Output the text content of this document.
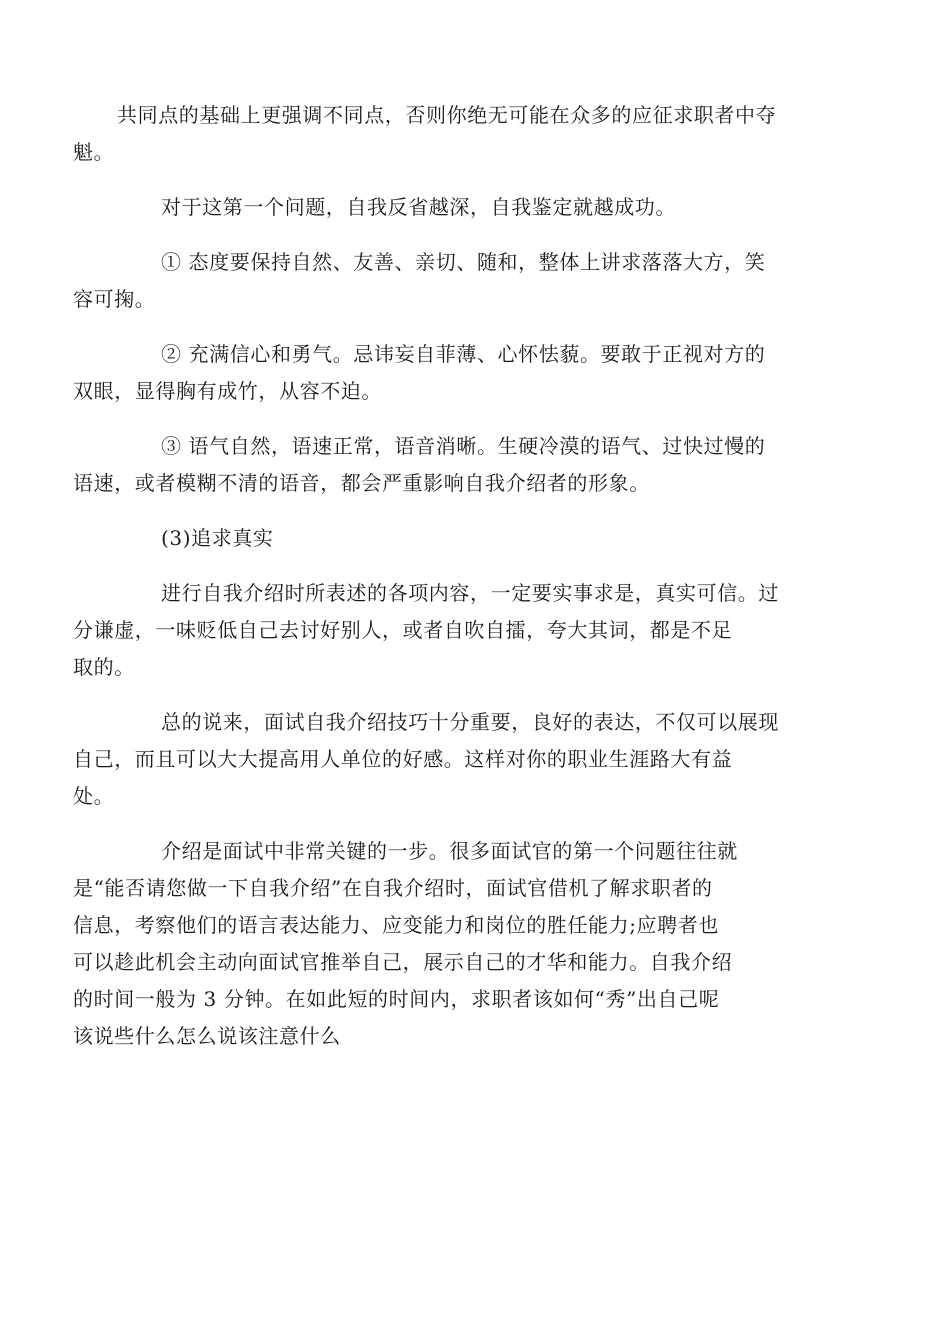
共同点的基础上更强调不同点，否则你绝无可能在众多的应征求职者中夺
魁。

对于这第一个问题，自我反省越深，自我鉴定就越成功。

① 态度要保持自然、友善、亲切、随和，整体上讲求落落大方，笑
容可掬。

② 充满信心和勇气。忌讳妄自菲薄、心怀怯藐。要敢于正视对方的
双眼，显得胸有成竹，从容不迫。

③ 语气自然，语速正常，语音消晰。生硬冷漠的语气、过快过慢的
语速，或者模糊不清的语音，都会严重影响自我介绍者的形象。

(3)追求真实

进行自我介绍时所表述的各项内容，一定要实事求是，真实可信。过
分谦虚，一味贬低自己去讨好别人，或者自吹自擂，夸大其词，都是不足
取的。

总的说来，面试自我介绍技巧十分重要，良好的表达，不仅可以展现
自己，而且可以大大提高用人单位的好感。这样对你的职业生涯路大有益
处。

介绍是面试中非常关键的一步。很多面试官的第一个问题往往就
是“能否请您做一下自我介绍”在自我介绍时，面试官借机了解求职者的
信息，考察他们的语言表达能力、应变能力和岗位的胜任能力;应聘者也
可以趁此机会主动向面试官推举自己，展示自己的才华和能力。自我介绍
的时间一般为 3 分钟。在如此短的时间内，求职者该如何“秀”出自己呢
该说些什么怎么说该注意什么
